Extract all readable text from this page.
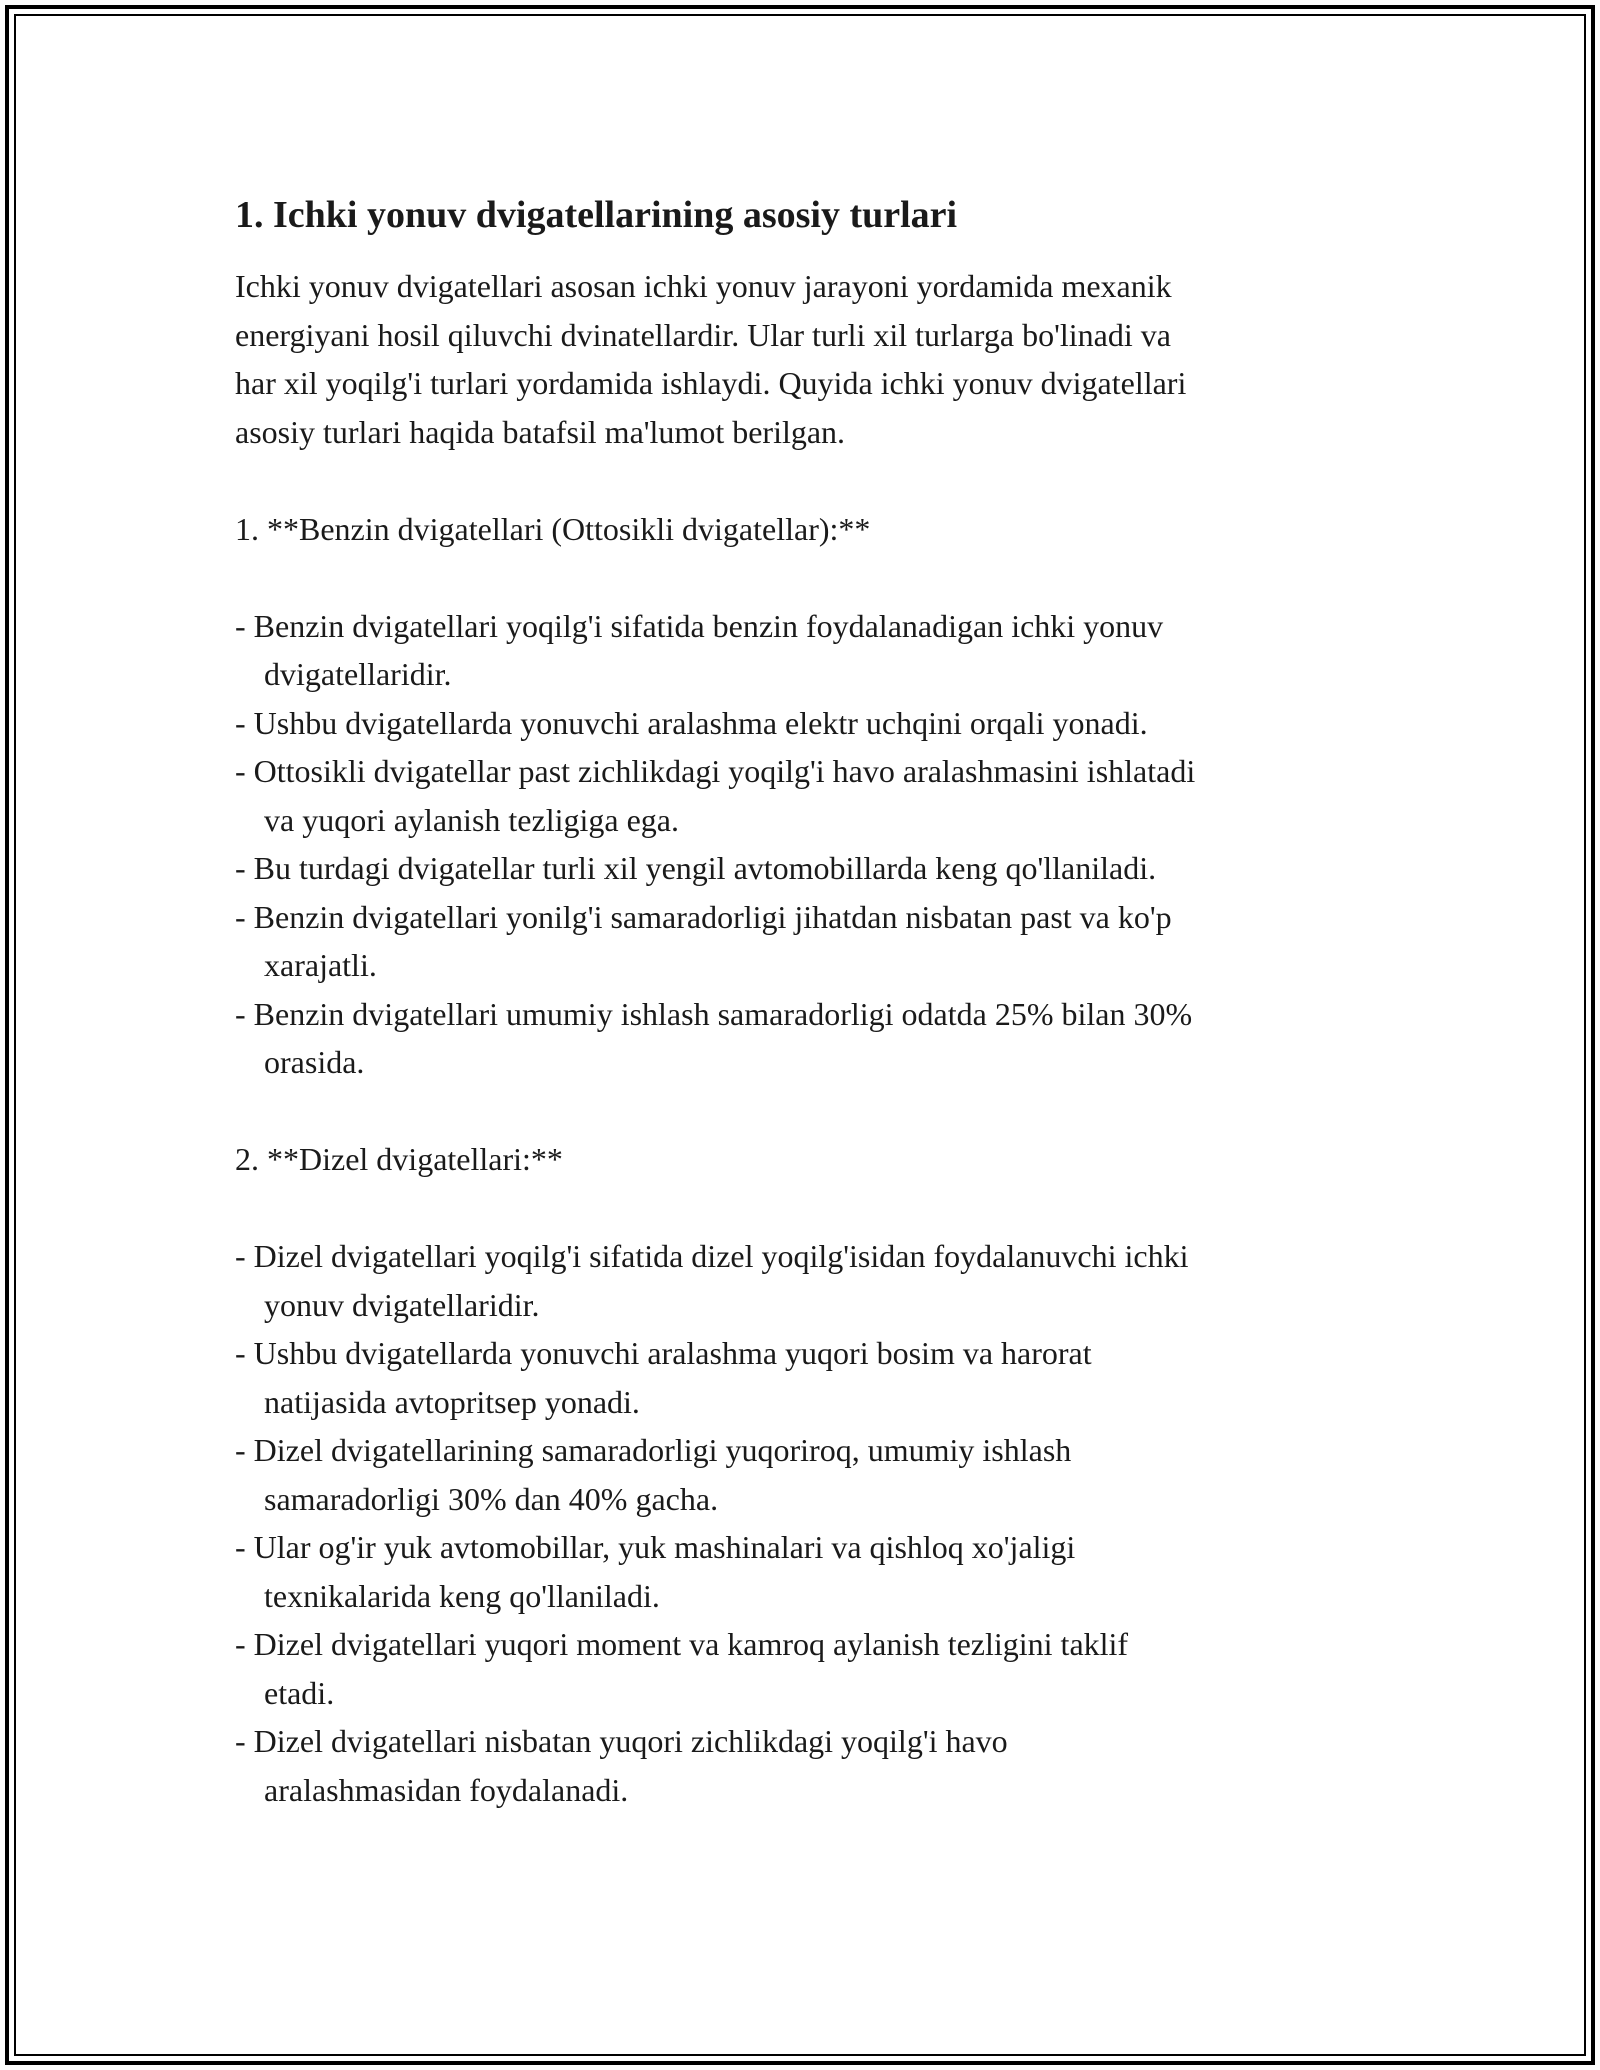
1. Ichki yonuv dvigatellarining asosiy turlari
Ichki yonuv dvigatellari asosan ichki yonuv jarayoni yordamida mexanik
energiyani hosil qiluvchi dvinatellardir. Ular turli xil turlarga bo'linadi va
har xil yoqilg'i turlari yordamida ishlaydi. Quyida ichki yonuv dvigatellari
asosiy turlari haqida batafsil ma'lumot berilgan.
1. **Benzin dvigatellari (Ottosikli dvigatellar):**
- Benzin dvigatellari yoqilg'i sifatida benzin foydalanadigan ichki yonuv
dvigatellaridir.
- Ushbu dvigatellarda yonuvchi aralashma elektr uchqini orqali yonadi.
- Ottosikli dvigatellar past zichlikdagi yoqilg'i havo aralashmasini ishlatadi
va yuqori aylanish tezligiga ega.
- Bu turdagi dvigatellar turli xil yengil avtomobillarda keng qo'llaniladi.
- Benzin dvigatellari yonilg'i samaradorligi jihatdan nisbatan past va ko'p
xarajatli.
- Benzin dvigatellari umumiy ishlash samaradorligi odatda 25% bilan 30%
orasida.
2. **Dizel dvigatellari:**
- Dizel dvigatellari yoqilg'i sifatida dizel yoqilg'isidan foydalanuvchi ichki
yonuv dvigatellaridir.
- Ushbu dvigatellarda yonuvchi aralashma yuqori bosim va harorat
natijasida avtopritsep yonadi.
- Dizel dvigatellarining samaradorligi yuqoriroq, umumiy ishlash
samaradorligi 30% dan 40% gacha.
- Ular og'ir yuk avtomobillar, yuk mashinalari va qishloq xo'jaligi
texnikalarida keng qo'llaniladi.
- Dizel dvigatellari yuqori moment va kamroq aylanish tezligini taklif
etadi.
- Dizel dvigatellari nisbatan yuqori zichlikdagi yoqilg'i havo
aralashmasidan foydalanadi.
